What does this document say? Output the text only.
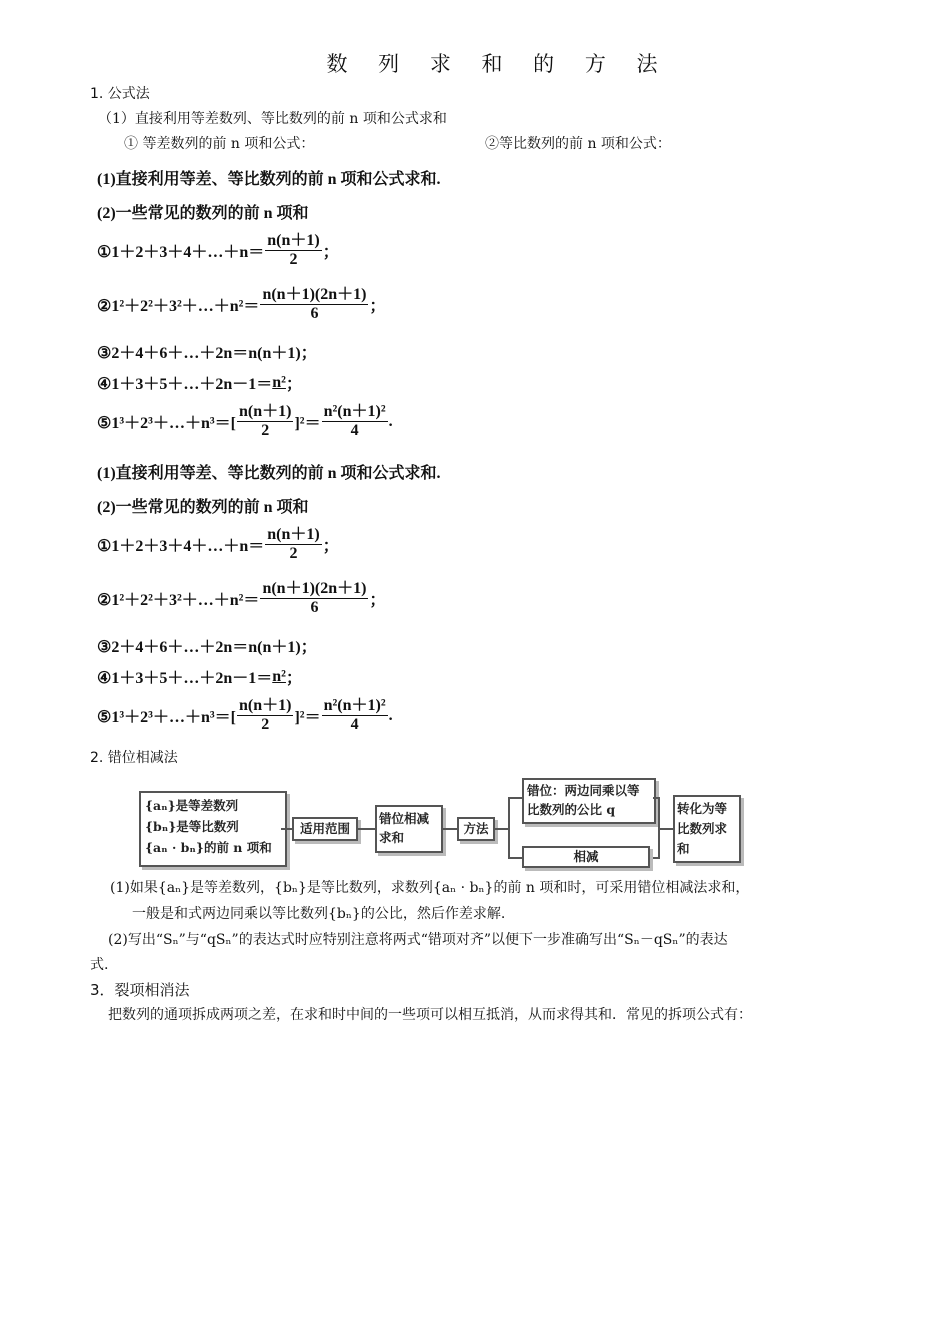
数 列 求 和 的 方 法
1. 公式法
（1）直接利用等差数列、等比数列的前 n 项和公式求和
① 等差数列的前 n 项和公式：	②等比数列的前 n 项和公式：
(1)直接利用等差、等比数列的前 n 项和公式求和.
(2)一些常见的数列的前 n 项和
①1＋2＋3＋4＋…＋n＝ $\frac{n(n+1)}{2}$ ；
②1²＋2²＋3²＋…＋n²＝ $\frac{n(n+1)(2n+1)}{6}$ ；
③2＋4＋6＋…＋2n＝n(n＋1)；
④1＋3＋5＋…＋2n－1＝ n² ；
⑤1³＋2³＋…＋n³＝[ $\frac{n(n+1)}{2} ]^2= \frac{\text{n²(n＋1)²}}{4}$ .
(1)直接利用等差、等比数列的前 n 项和公式求和.
(2)一些常见的数列的前 n 项和
①1＋2＋3＋4＋…＋n＝ $\frac{n(n+1)}{2}$ ；
②1²＋2²＋3²＋…＋n²＝ $\frac{n(n+1)(2n+1)}{6}$ ；
③2＋4＋6＋…＋2n＝n(n＋1)；
④1＋3＋5＋…＋2n－1＝ n² ；
⑤1³＋2³＋…＋n³＝[ $\frac{n(n+1)}{2} ]^2= \frac{\text{n²(n＋1)²}}{4}$ .
2. 错位相减法
{aₙ}是等差数列
{bₙ}是等比数列
{aₙ · bₙ}的前 n 项和
适用范围
错位相减求和
方法
错位：两边同乘以等比数列的公比 q
相减
转化为等比数列求和
(1)如果{aₙ}是等差数列，{bₙ}是等比数列，求数列{aₙ · bₙ}的前 n 项和时，可采用错位相减法求和，
一般是和式两边同乘以等比数列{bₙ}的公比，然后作差求解.
(2)写出“Sₙ”与“qSₙ”的表达式时应特别注意将两式“错项对齐”以便下一步准确写出“Sₙ－qSₙ”的表达
式.
3．裂项相消法
把数列的通项拆成两项之差，在求和时中间的一些项可以相互抵消，从而求得其和．常见的拆项公式有：
